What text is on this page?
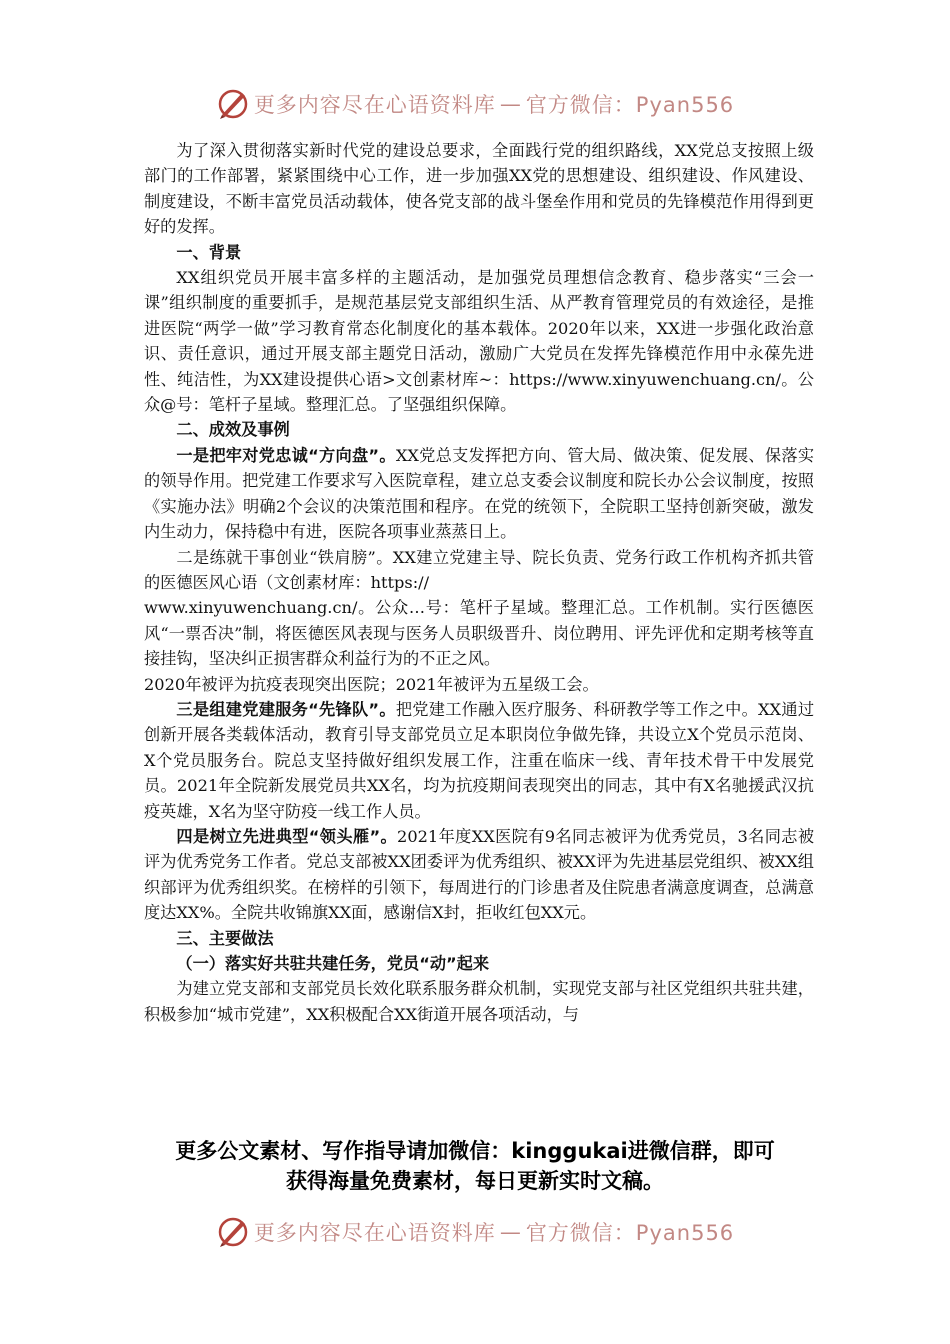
更多内容尽在心语资料库 — 官方微信：Pyan556

为了深入贯彻落实新时代党的建设总要求，全面践行党的组织路线，XX党总支按照上级部门的工作部署，紧紧围绕中心工作，进一步加强XX党的思想建设、组织建设、作风建设、制度建设，不断丰富党员活动载体，使各党支部的战斗堡垒作用和党员的先锋模范作用得到更好的发挥。

一、背景

XX组织党员开展丰富多样的主题活动，是加强党员理想信念教育、稳步落实“三会一课”组织制度的重要抓手，是规范基层党支部组织生活、从严教育管理党员的有效途径，是推进医院“两学一做”学习教育常态化制度化的基本载体。2020年以来，XX进一步强化政治意识、责任意识，通过开展支部主题党日活动，激励广大党员在发挥先锋模范作用中永葆先进性、纯洁性，为XX建设提供心语>文创素材库~：https://www.xinyuwenchuang.cn/。公众@号：笔杆子星域。整理汇总。了坚强组织保障。

二、成效及事例

一是把牢对党忠诚“方向盘”。XX党总支发挥把方向、管大局、做决策、促发展、保落实的领导作用。把党建工作要求写入医院章程，建立总支委会议制度和院长办公会议制度，按照《实施办法》明确2个会议的决策范围和程序。在党的统领下，全院职工坚持创新突破，激发内生动力，保持稳中有进，医院各项事业蒸蒸日上。

二是练就干事创业“铁肩膀”。XX建立党建主导、院长负责、党务行政工作机构齐抓共管的医德医风心语（文创素材库：https://

www.xinyuwenchuang.cn/。公众…号：笔杆子星域。整理汇总。工作机制。实行医德医风“一票否决”制，将医德医风表现与医务人员职级晋升、岗位聘用、评先评优和定期考核等直接挂钩，坚决纠正损害群众利益行为的不正之风。

2020年被评为抗疫表现突出医院；2021年被评为五星级工会。

三是组建党建服务“先锋队”。把党建工作融入医疗服务、科研教学等工作之中。XX通过创新开展各类载体活动，教育引导支部党员立足本职岗位争做先锋，共设立X个党员示范岗、X个党员服务台。院总支坚持做好组织发展工作，注重在临床一线、青年技术骨干中发展党员。2021年全院新发展党员共XX名，均为抗疫期间表现突出的同志，其中有X名驰援武汉抗疫英雄，X名为坚守防疫一线工作人员。

四是树立先进典型“领头雁”。2021年度XX医院有9名同志被评为优秀党员，3名同志被评为优秀党务工作者。党总支部被XX团委评为优秀组织、被XX评为先进基层党组织、被XX组织部评为优秀组织奖。在榜样的引领下，每周进行的门诊患者及住院患者满意度调查，总满意度达XX%。全院共收锦旗XX面，感谢信X封，拒收红包XX元。

三、主要做法

（一）落实好共驻共建任务，党员“动”起来

为建立党支部和支部党员长效化联系服务群众机制，实现党支部与社区党组织共驻共建，积极参加“城市党建”，XX积极配合XX街道开展各项活动，与

更多公文素材、写作指导请加微信：kinggukai进微信群，即可
获得海量免费素材，每日更新实时文稿。
更多内容尽在心语资料库 — 官方微信：Pyan556
